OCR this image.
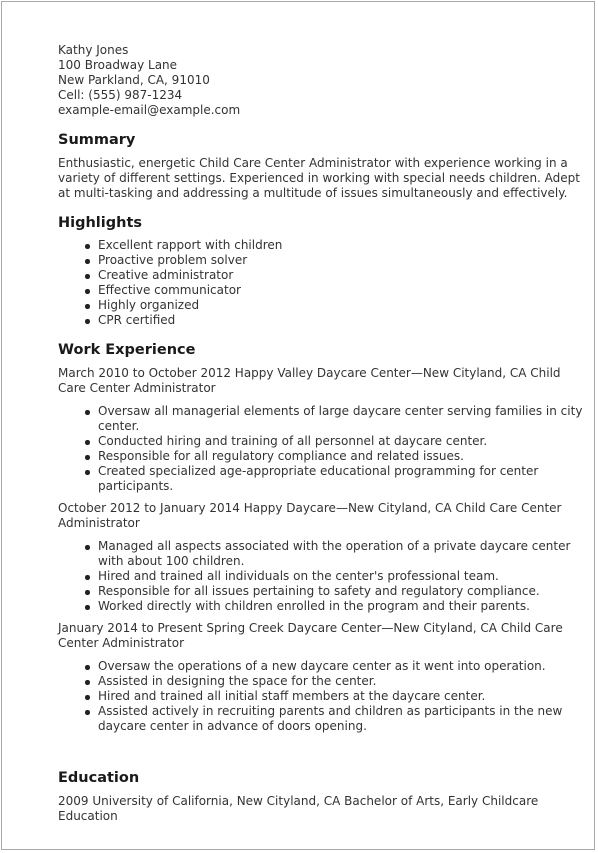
Kathy Jones

100 Broadway Lane

New Parkland, CA, 91010

Cell: (555) 987-1234

example-email@example.com

Summary

Enthusiastic, energetic Child Care Center Administrator with experience working in a variety of different settings. Experienced in working with special needs children. Adept at multi-tasking and addressing a multitude of issues simultaneously and effectively.

Highlights
Excellent rapport with children
Proactive problem solver
Creative administrator
Effective communicator
Highly organized
CPR certified
Work Experience

March 2010 to October 2012 Happy Valley Daycare Center—New Cityland, CA Child Care Center Administrator

Oversaw all managerial elements of large daycare center serving families in city center.
Conducted hiring and training of all personnel at daycare center.
Responsible for all regulatory compliance and related issues.
Created specialized age-appropriate educational programming for center participants.

October 2012 to January 2014 Happy Daycare—New Cityland, CA Child Care Center Administrator

Managed all aspects associated with the operation of a private daycare center with about 100 children.
Hired and trained all individuals on the center's professional team.
Responsible for all issues pertaining to safety and regulatory compliance.
Worked directly with children enrolled in the program and their parents.

January 2014 to Present Spring Creek Daycare Center—New Cityland, CA Child Care Center Administrator

Oversaw the operations of a new daycare center as it went into operation.
Assisted in designing the space for the center.
Hired and trained all initial staff members at the daycare center.
Assisted actively in recruiting parents and children as participants in the new daycare center in advance of doors opening.
Education

2009 University of California, New Cityland, CA Bachelor of Arts, Early Childcare Education
